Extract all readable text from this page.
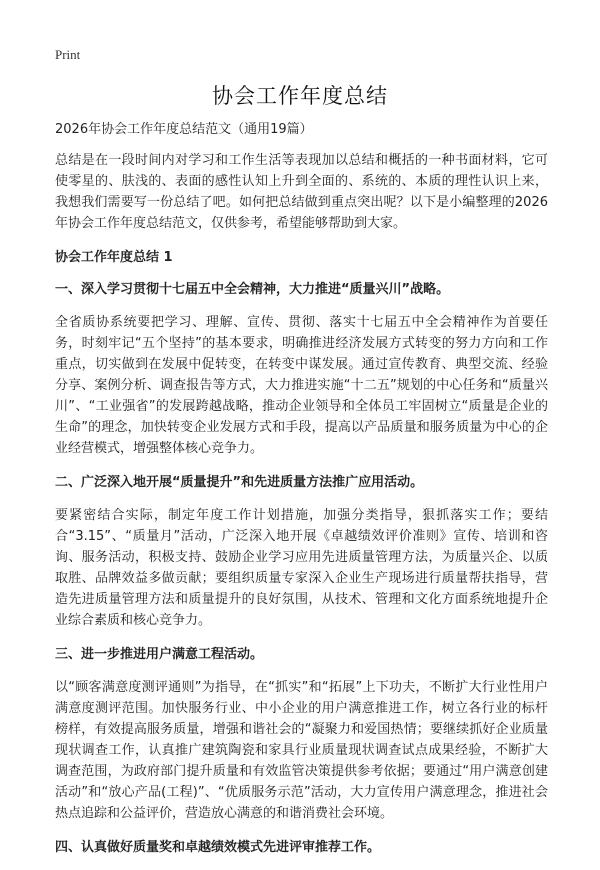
Print
协会工作年度总结

2026年协会工作年度总结范文（通用19篇）

总结是在一段时间内对学习和工作生活等表现加以总结和概括的一种书面材料，它可使零星的、肤浅的、表面的感性认知上升到全面的、系统的、本质的理性认识上来，我想我们需要写一份总结了吧。如何把总结做到重点突出呢？以下是小编整理的2026年协会工作年度总结范文，仅供参考，希望能够帮助到大家。

协会工作年度总结 1

一、深入学习贯彻十七届五中全会精神，大力推进“质量兴川”战略。

全省质协系统要把学习、理解、宣传、贯彻、落实十七届五中全会精神作为首要任务，时刻牢记“五个坚持”的基本要求，明确推进经济发展方式转变的努力方向和工作重点，切实做到在发展中促转变，在转变中谋发展。通过宣传教育、典型交流、经验分享、案例分析、调查报告等方式，大力推进实施“十二五”规划的中心任务和“质量兴川”、“工业强省”的发展跨越战略，推动企业领导和全体员工牢固树立“质量是企业的生命”的理念，加快转变企业发展方式和手段，提高以产品质量和服务质量为中心的企业经营模式，增强整体核心竞争力。

二、广泛深入地开展“质量提升”和先进质量方法推广应用活动。

要紧密结合实际，制定年度工作计划措施，加强分类指导，狠抓落实工作；要结合“3.15”、“质量月”活动，广泛深入地开展《卓越绩效评价准则》宣传、培训和咨询、服务活动，积极支持、鼓励企业学习应用先进质量管理方法，为质量兴企、以质取胜、品牌效益多做贡献；要组织质量专家深入企业生产现场进行质量帮扶指导，营造先进质量管理方法和质量提升的良好氛围，从技术、管理和文化方面系统地提升企业综合素质和核心竞争力。

三、进一步推进用户满意工程活动。

以“顾客满意度测评通则”为指导，在“抓实”和“拓展”上下功夫，不断扩大行业性用户满意度测评范围。加快服务行业、中小企业的用户满意推进工作，树立各行业的标杆榜样，有效提高服务质量，增强和谐社会的“凝聚力和爱国热情；要继续抓好企业质量现状调查工作，认真推广建筑陶瓷和家具行业质量现状调查试点成果经验，不断扩大调查范围，为政府部门提升质量和有效监管决策提供参考依据；要通过“用户满意创建活动”和“放心产品(工程)”、“优质服务示范”活动，大力宣传用户满意理念，推进社会热点追踪和公益评价，营造放心满意的和谐消费社会环境。

四、认真做好质量奖和卓越绩效模式先进评审推荐工作。
